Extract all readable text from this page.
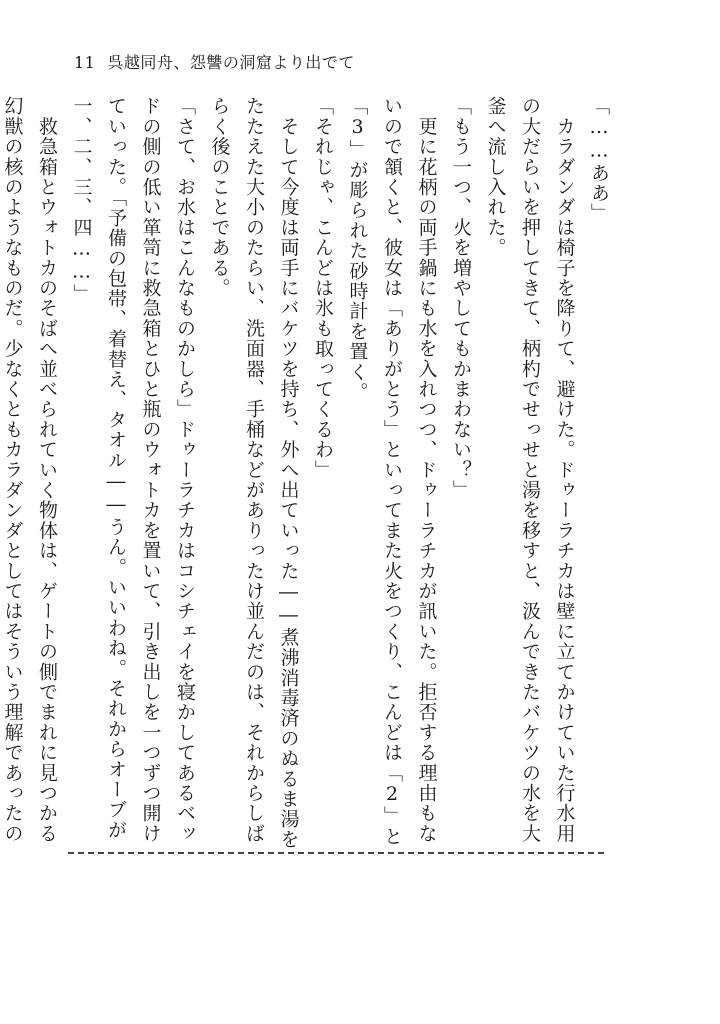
11 呉越同舟、怨讐の洞窟より出でて

「……ああ」

　カラダンダは椅子を降りて、避けた。ドゥーラチカは壁に立てかけていた行水用の大だらいを押してきて、柄杓でせっせと湯を移すと、汲んできたバケツの水を大釜へ流し入れた。

「もう一つ、火を増やしてもかまわない？」

　更に花柄の両手鍋にも水を入れつつ、ドゥーラチカが訊いた。拒否する理由もないので頷くと、彼女は「ありがとう」といってまた火をつくり、こんどは「2」と「3」が彫られた砂時計を置く。

「それじゃ、こんどは氷も取ってくるわ」

　そして今度は両手にバケツを持ち、外へ出ていった――煮沸消毒済のぬるま湯をたたえた大小のたらい、洗面器、手桶などがありったけ並んだのは、それからしばらく後のことである。

「さて、お水はこんなものかしら」ドゥーラチカはコシチェイを寝かしてあるベッドの側の低い箪笥に救急箱とひと瓶のウォトカを置いて、引き出しを一つずつ開けていった。「予備の包帯、着替え、タオル――うん。いいわね。それからオーブが一、二、三、四……」

　救急箱とウォトカのそばへ並べられていく物体は、ゲートの側でまれに見つかる幻獣の核のようなものだ。少なくともカラダンダとしてはそういう理解であったの
